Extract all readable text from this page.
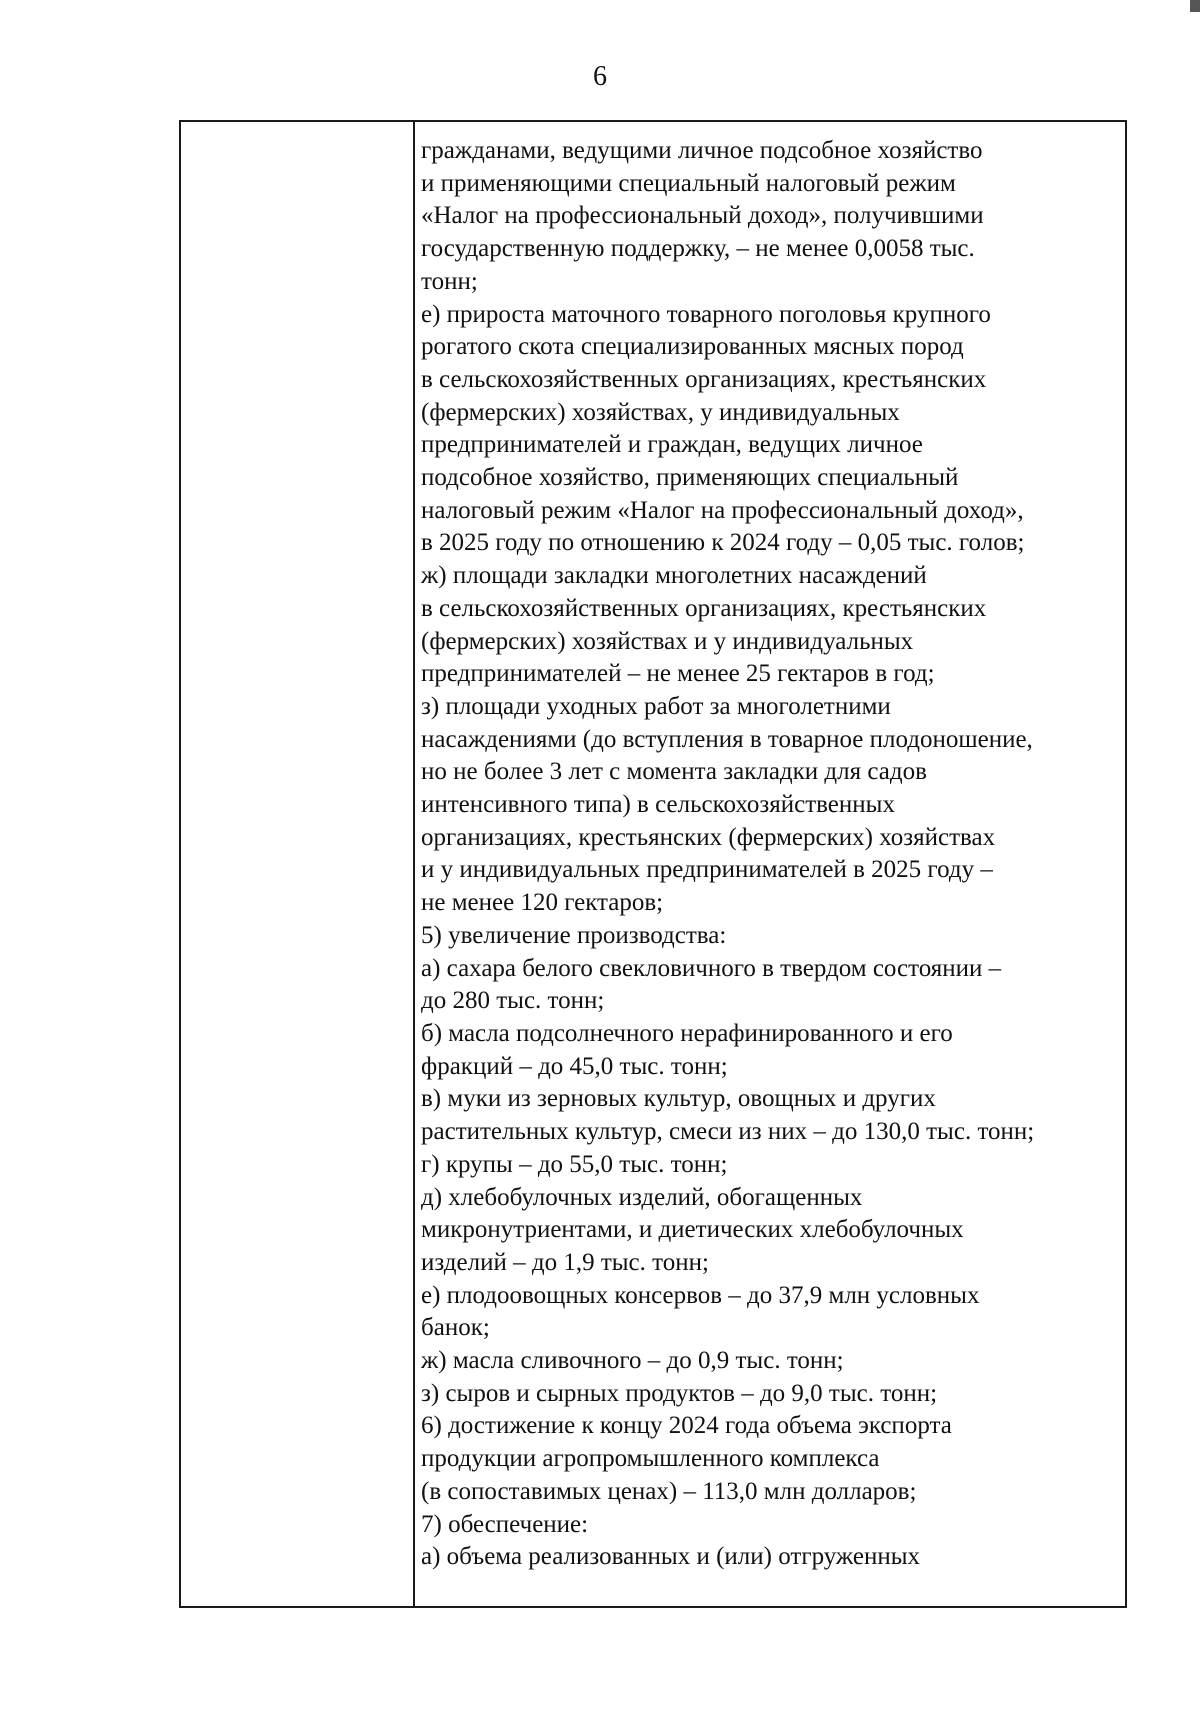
6
гражданами, ведущими личное подсобное хозяйство
и применяющими специальный налоговый режим
«Налог на профессиональный доход», получившими
государственную поддержку, – не менее 0,0058 тыс.
тонн;
е) прироста маточного товарного поголовья крупного
рогатого скота специализированных мясных пород
в сельскохозяйственных организациях, крестьянских
(фермерских) хозяйствах, у индивидуальных
предпринимателей и граждан, ведущих личное
подсобное хозяйство, применяющих специальный
налоговый режим «Налог на профессиональный доход»,
в 2025 году по отношению к 2024 году – 0,05 тыс. голов;
ж) площади закладки многолетних насаждений
в сельскохозяйственных организациях, крестьянских
(фермерских) хозяйствах и у индивидуальных
предпринимателей – не менее 25 гектаров в год;
з) площади уходных работ за многолетними
насаждениями (до вступления в товарное плодоношение,
но не более 3 лет с момента закладки для садов
интенсивного типа) в сельскохозяйственных
организациях, крестьянских (фермерских) хозяйствах
и у индивидуальных предпринимателей в 2025 году –
не менее 120 гектаров;
5) увеличение производства:
а) сахара белого свекловичного в твердом состоянии –
до 280 тыс. тонн;
б) масла подсолнечного нерафинированного и его
фракций – до 45,0 тыс. тонн;
в) муки из зерновых культур, овощных и других
растительных культур, смеси из них – до 130,0 тыс. тонн;
г) крупы – до 55,0 тыс. тонн;
д) хлебобулочных изделий, обогащенных
микронутриентами, и диетических хлебобулочных
изделий – до 1,9 тыс. тонн;
е) плодоовощных консервов – до 37,9 млн условных
банок;
ж) масла сливочного – до 0,9 тыс. тонн;
з) сыров и сырных продуктов – до 9,0 тыс. тонн;
6) достижение к концу 2024 года объема экспорта
продукции агропромышленного комплекса
(в сопоставимых ценах) – 113,0 млн долларов;
7) обеспечение:
а) объема реализованных и (или) отгруженных
